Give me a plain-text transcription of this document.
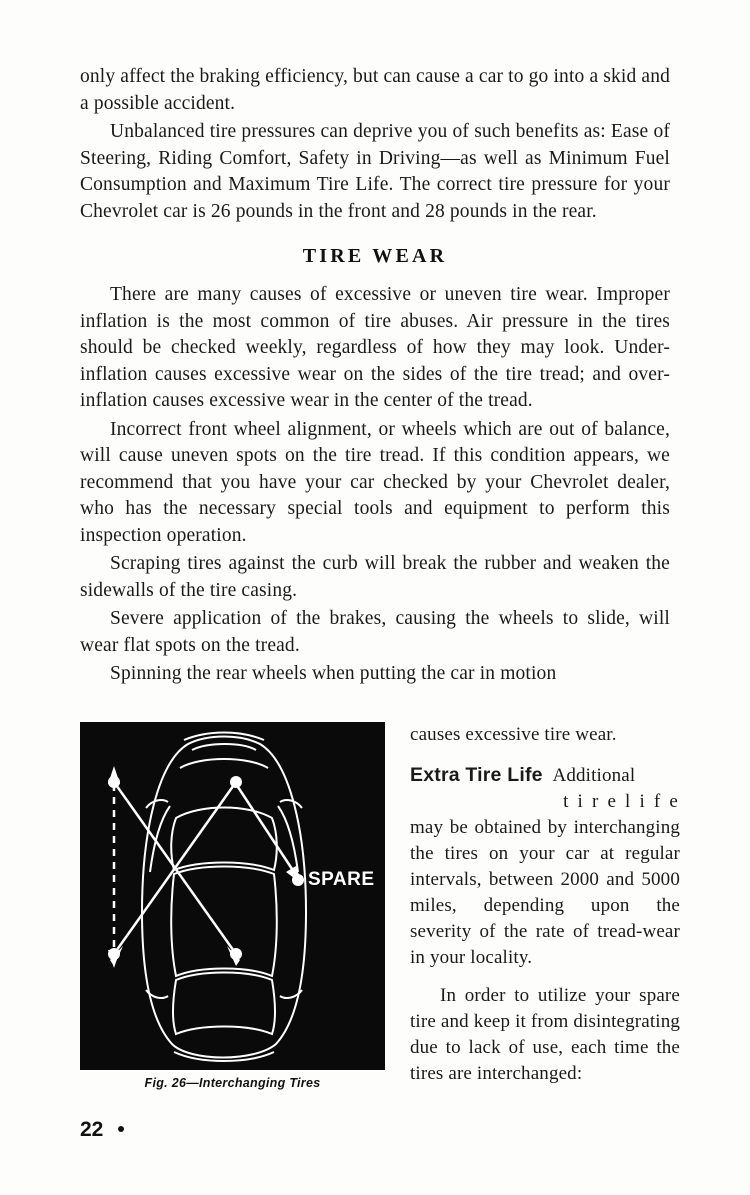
only affect the braking efficiency, but can cause a car to go into a skid and a possible accident.

Unbalanced tire pressures can deprive you of such benefits as: Ease of Steering, Riding Comfort, Safety in Driving—as well as Minimum Fuel Consumption and Maximum Tire Life. The correct tire pressure for your Chevrolet car is 26 pounds in the front and 28 pounds in the rear.

TIRE WEAR

There are many causes of excessive or uneven tire wear. Improper inflation is the most common of tire abuses. Air pressure in the tires should be checked weekly, regardless of how they may look. Under-inflation causes excessive wear on the sides of the tire tread; and over-inflation causes excessive wear in the center of the tread.

Incorrect front wheel alignment, or wheels which are out of balance, will cause uneven spots on the tire tread. If this condition appears, we recommend that you have your car checked by your Chevrolet dealer, who has the necessary special tools and equipment to perform this inspection operation.

Scraping tires against the curb will break the rubber and weaken the sidewalls of the tire casing.

Severe application of the brakes, causing the wheels to slide, will wear flat spots on the tread.

Spinning the rear wheels when putting the car in motion

SPARE
Fig. 26—Interchanging Tires

causes excessive tire wear.

Extra Tire Life Additional

t i r e l i f e

may be obtained by interchanging the tires on your car at regular intervals, between 2000 and 5000 miles, depending upon the severity of the rate of tread-wear in your locality.

In order to utilize your spare tire and keep it from disintegrating due to lack of use, each time the tires are interchanged:

22
